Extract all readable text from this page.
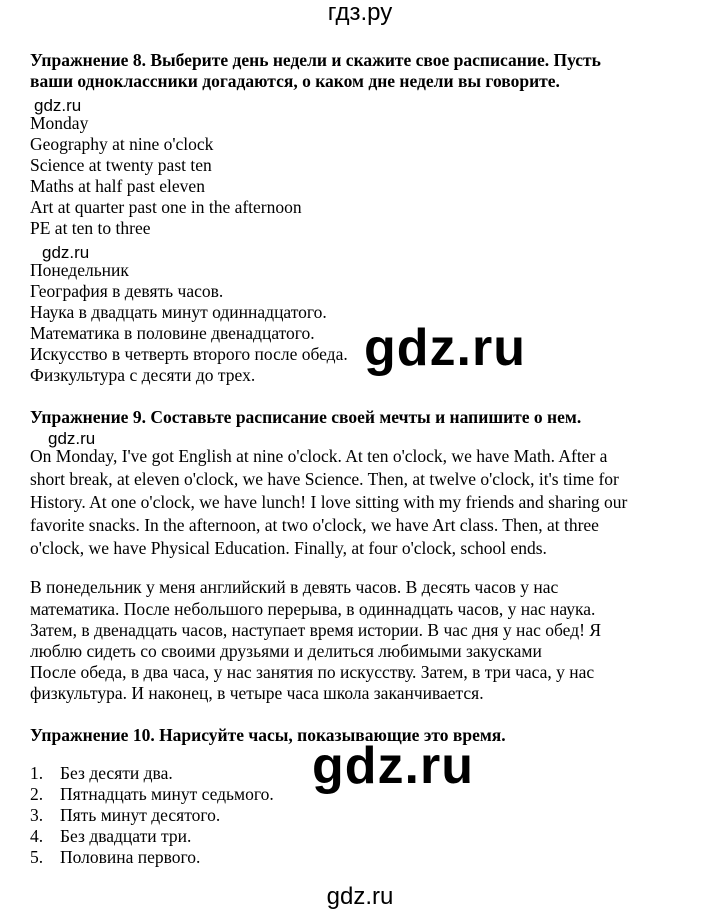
гдз.ру
Упражнение 8. Выберите день недели и скажите свое расписание. Пусть
ваши одноклассники догадаются, о каком дне недели вы говорите.
gdz.ru
Monday
Geography at nine o'clock
Science at twenty past ten
Maths at half past eleven
Art at quarter past one in the afternoon
PE at ten to three
gdz.ru
Понедельник
География в девять часов.
Наука в двадцать минут одиннадцатого.
Математика в половине двенадцатого.
Искусство в четверть второго после обеда.
Физкультура с десяти до трех. gdz.ru
Упражнение 9. Составьте расписание своей мечты и напишите о нем.
gdz.ru
On Monday, I've got English at nine o'clock. At ten o'clock, we have Math. After a
short break, at eleven o'clock, we have Science. Then, at twelve o'clock, it's time for
History. At one o'clock, we have lunch! I love sitting with my friends and sharing our
favorite snacks. In the afternoon, at two o'clock, we have Art class. Then, at three
o'clock, we have Physical Education. Finally, at four o'clock, school ends.
В понедельник у меня английский в девять часов. В десять часов у нас
математика. После небольшого перерыва, в одиннадцать часов, у нас наука.
Затем, в двенадцать часов, наступает время истории. В час дня у нас обед! Я
люблю сидеть со своими друзьями и делиться любимыми закусками
После обеда, в два часа, у нас занятия по искусству. Затем, в три часа, у нас
физкультура. И наконец, в четыре часа школа заканчивается.
Упражнение 10. Нарисуйте часы, показывающие это время.
gdz.ru
1. Без десяти два.
2. Пятнадцать минут седьмого.
3. Пять минут десятого.
4. Без двадцати три.
5. Половина первого.
gdz.ru
